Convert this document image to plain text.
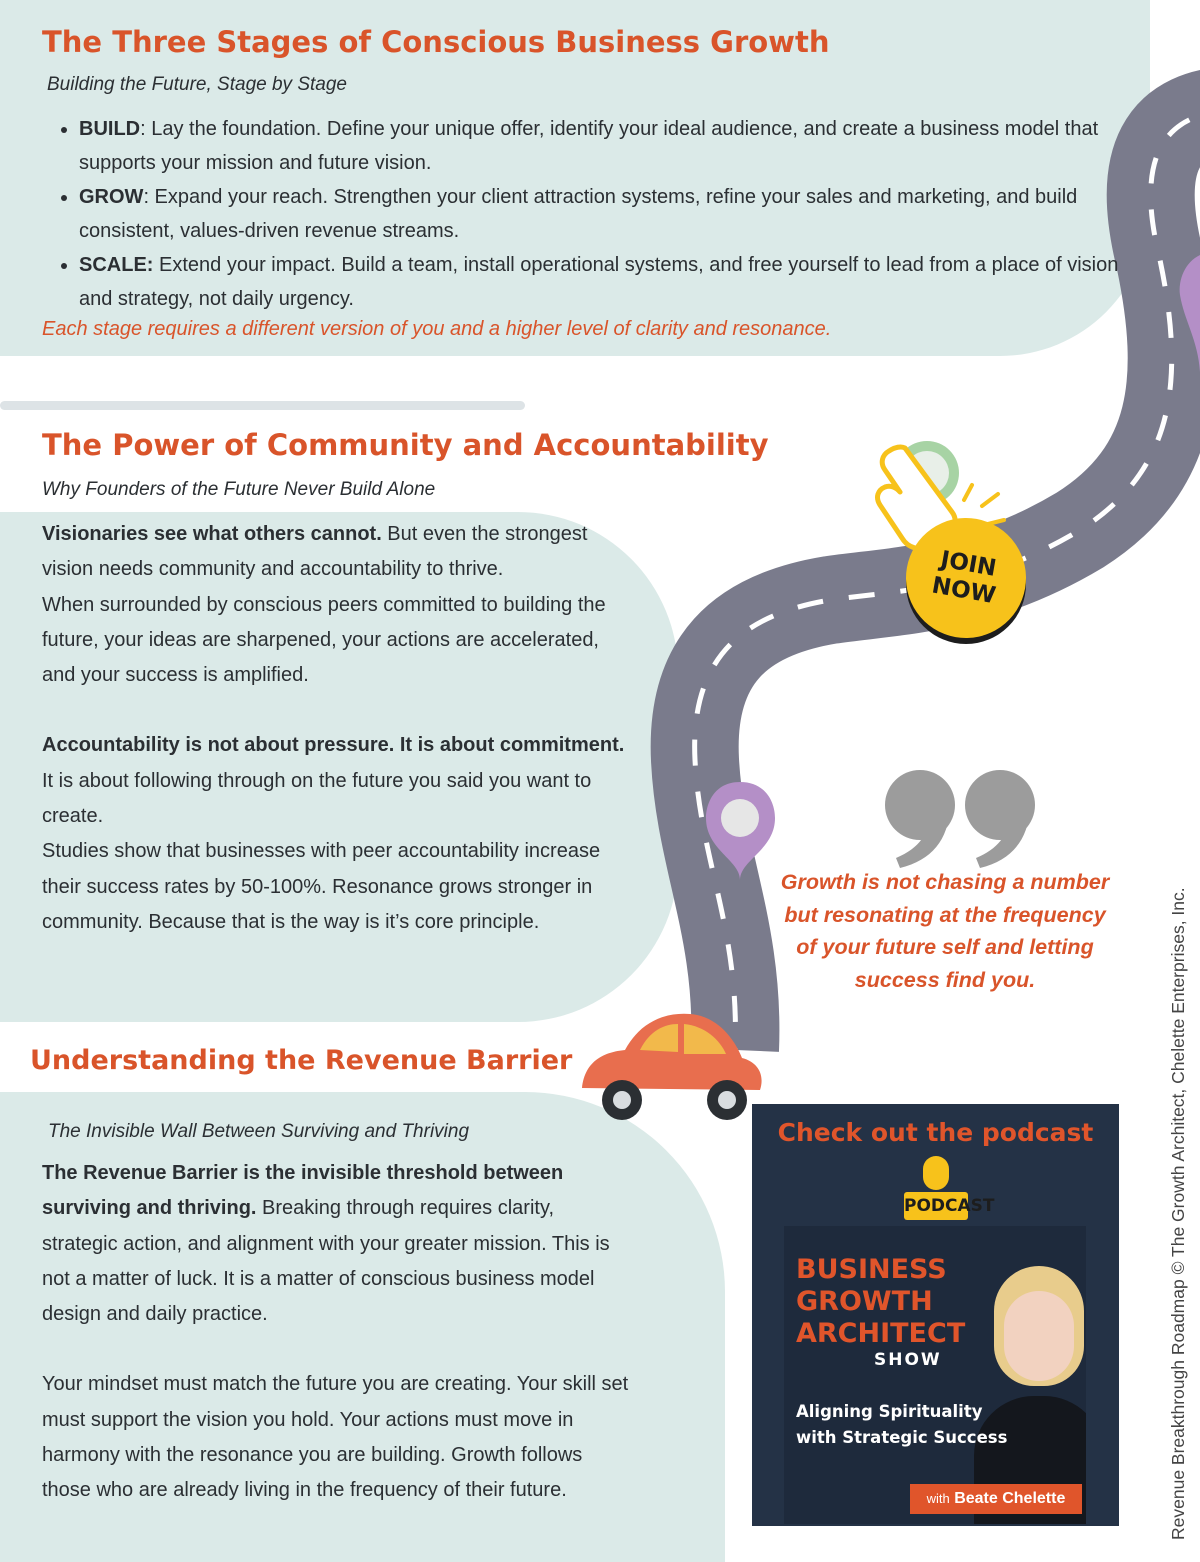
The Three Stages of Conscious Business Growth

Building the Future, Stage by Stage

• BUILD: Lay the foundation. Define your unique offer, identify your ideal audience, and create a business model that supports your mission and future vision.
• GROW: Expand your reach. Strengthen your client attraction systems, refine your sales and marketing, and build consistent, values-driven revenue streams.
• SCALE: Extend your impact. Build a team, install operational systems, and free yourself to lead from a place of vision and strategy, not daily urgency.

Each stage requires a different version of you and a higher level of clarity and resonance.

The Power of Community and Accountability

Why Founders of the Future Never Build Alone

Visionaries see what others cannot. But even the strongest vision needs community and accountability to thrive.

When surrounded by conscious peers committed to building the future, your ideas are sharpened, your actions are accelerated, and your success is amplified.

Accountability is not about pressure. It is about commitment. It is about following through on the future you said you want to create.

Studies show that businesses with peer accountability increase their success rates by 50-100%. Resonance grows stronger in community. Because that is the way is it’s core principle.

Understanding the Revenue Barrier

The Invisible Wall Between Surviving and Thriving

The Revenue Barrier is the invisible threshold between surviving and thriving. Breaking through requires clarity, strategic action, and alignment with your greater mission. This is not a matter of luck. It is a matter of conscious business model design and daily practice.

Your mindset must match the future you are creating. Your skill set must support the vision you hold. Your actions must move in harmony with the resonance you are building. Growth follows those who are already living in the frequency of their future.

JOIN
NOW

Growth is not chasing a number but resonating at the frequency of your future self and letting success find you.

Check out the podcast
PODCAST
BUSINESS
GROWTH
ARCHITECT
SHOW
Aligning Spirituality
with Strategic Success
with Beate Chelette	Revenue Breakthrough Roadmap © The Growth Architect, Chelette Enterprises, Inc.
